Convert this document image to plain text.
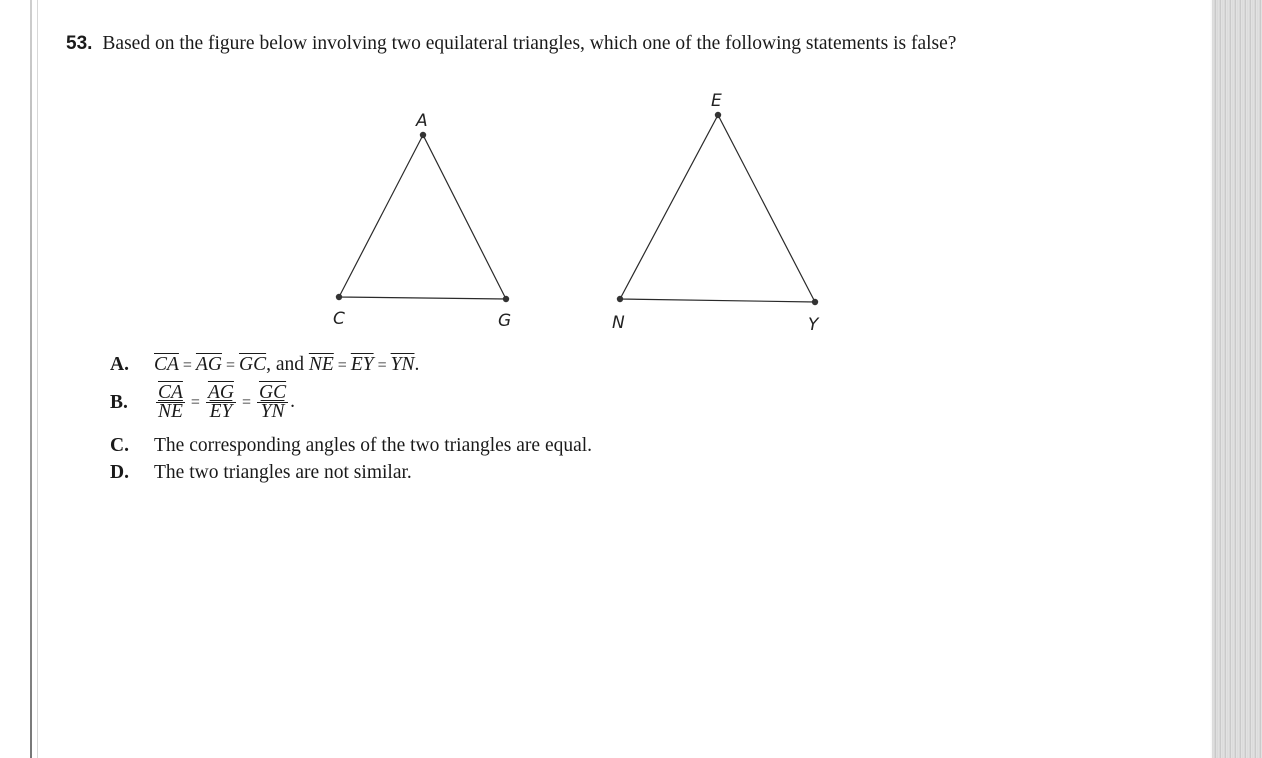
53. Based on the figure below involving two equilateral triangles, which one of the following statements is false?
A
C	G
E
N	Y
A. $\overline{CA} = \overline{AG} = \overline{GC}$, and $\overline{NE} = \overline{EY} = \overline{YN}$.
B. $\frac{\overline{CA}}{NE} = \frac{\overline{AG}}{EY} = \frac{\overline{GC}}{YN}$ .
C. The corresponding angles of the two triangles are equal.
D. The two triangles are not similar.
